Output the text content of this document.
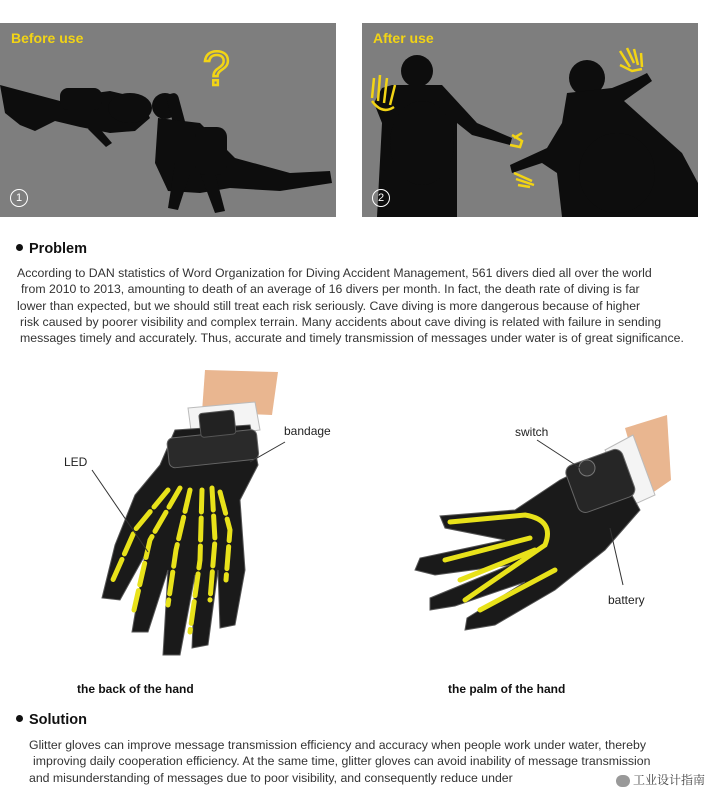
?
Before use
1
After use
2
Problem

According to DAN statistics of Word Organization for Diving Accident Management, 561 divers died all over the world
from 2010 to 2013, amounting to death of an average of 16 divers per month. In fact, the death rate of diving is far
lower than expected, but we should still treat each risk seriously. Cave diving is more dangerous because of higher
risk caused by poorer visibility and complex terrain. Many accidents about cave diving is related with failure in sending
messages timely and accurately. Thus, accurate and timely transmission of messages under water is of great significance.

LED
bandage
the back of the hand
switch
battery
the palm of the hand
Solution

Glitter gloves can improve message transmission efficiency and accuracy when people work under water, thereby
improving daily cooperation efficiency. At the same time, glitter gloves can avoid inability of message transmission
and misunderstanding of messages due to poor visibility, and consequently reduce under	工业设计指南
